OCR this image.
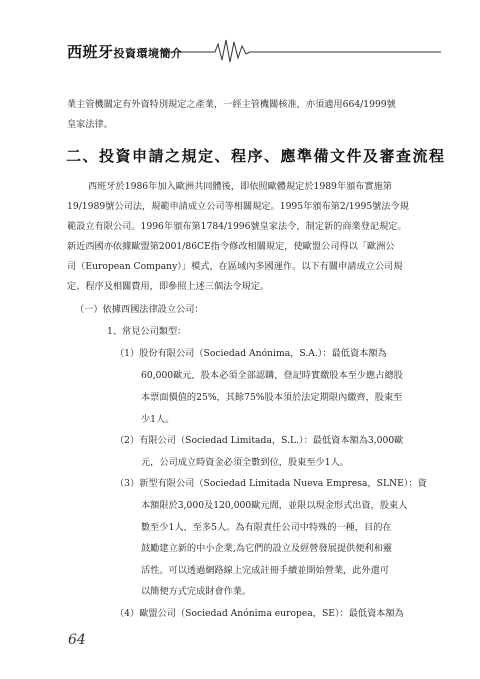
西班牙投資環境簡介
業主管機關定有外資特別規定之產業，一經主管機關核准，亦須適用664/1999號
皇家法律。
二、投資申請之規定、程序、應準備文件及審查流程
西班牙於1986年加入歐洲共同體後，即依照歐體規定於1989年頒布實施第
19/1989號公司法，規範申請成立公司等相關規定。1995年頒布第2/1995號法令規
範設立有限公司。1996年頒布第1784/1996號皇家法令，制定新的商業登記規定。
新近西國亦依據歐盟第2001/86CE指令修改相關規定，使歐盟公司得以「歐洲公
司（European Company）」模式，在區域內多國運作。以下有關申請成立公司規
定、程序及相關費用，即參照上述三個法令規定。
（一）依據西國法律設立公司：
1、常見公司類型：
（1）股份有限公司（Sociedad Anónima，S.A.）：最低資本額為
60,000歐元，股本必須全部認購，登記時實繳股本至少應占總股
本票面價值的25%，其餘75%股本須於法定期限內繳齊，股東至
少1人。
（2）有限公司（Sociedad Limitada，S.L.）：最低資本額為3,000歐
元，公司成立時資金必須全數到位，股東至少1人。
（3）新型有限公司（Sociedad Limitada Nueva Empresa，SLNE）：資
本額限於3,000及120,000歐元間，並限以現金形式出資，股東人
數至少1人，至多5人。為有限責任公司中特殊的一種，目的在
鼓勵建立新的中小企業,為它們的設立及經營發展提供便利和靈
活性。可以透過網路線上完成註冊手續並開始營業，此外還可
以簡便方式完成財會作業。
（4）歐盟公司（Sociedad Anónima europea，SE）：最低資本額為
64
